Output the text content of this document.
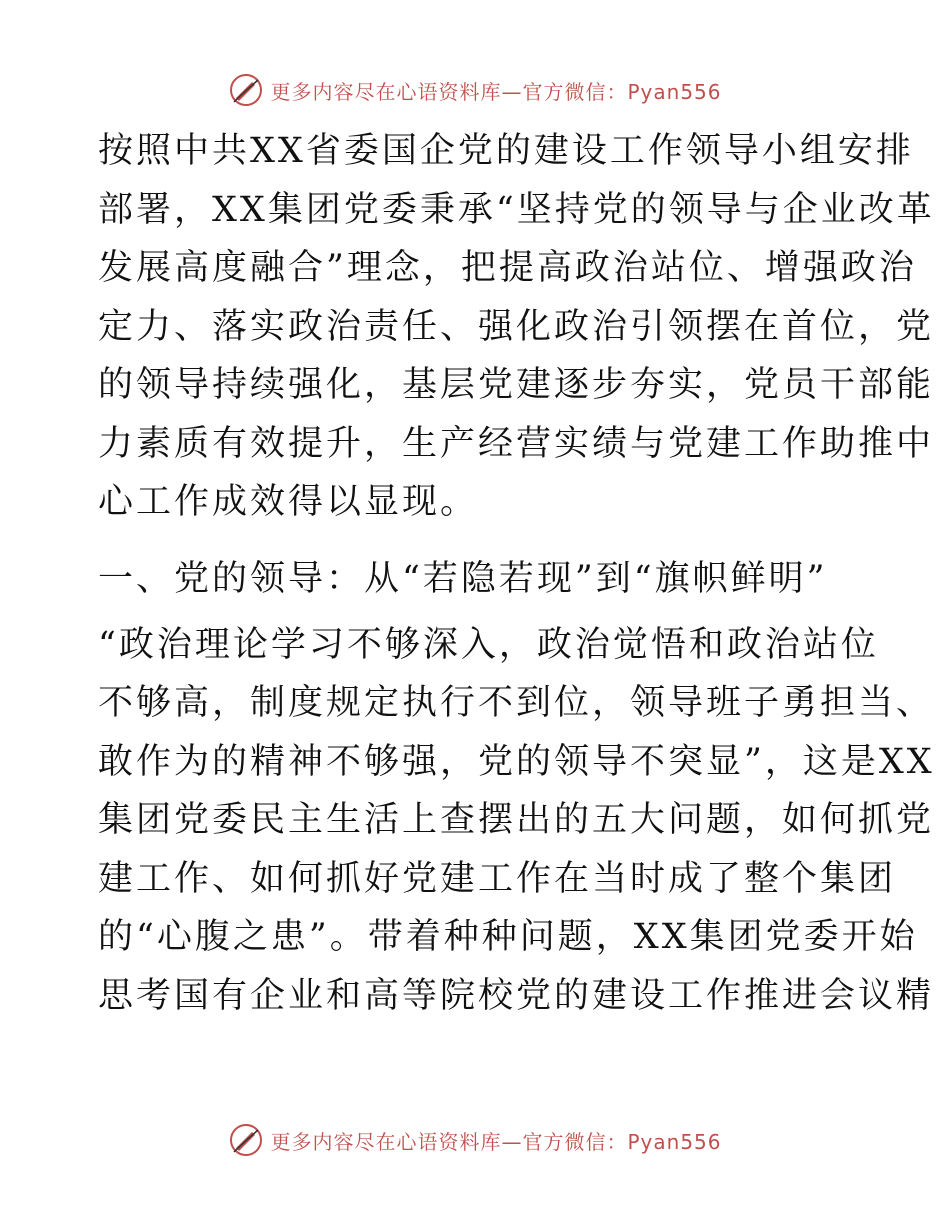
更多内容尽在心语资料库—官方微信：Pyan556

按照中共XX省委国企党的建设工作领导小组安排
部署，XX集团党委秉承“坚持党的领导与企业改革
发展高度融合”理念，把提高政治站位、增强政治
定力、落实政治责任、强化政治引领摆在首位，党
的领导持续强化，基层党建逐步夯实，党员干部能
力素质有效提升，生产经营实绩与党建工作助推中
心工作成效得以显现。

一、党的领导：从“若隐若现”到“旗帜鲜明”

“政治理论学习不够深入，政治觉悟和政治站位
不够高，制度规定执行不到位，领导班子勇担当、
敢作为的精神不够强，党的领导不突显”，这是XX
集团党委民主生活上查摆出的五大问题，如何抓党
建工作、如何抓好党建工作在当时成了整个集团
的“心腹之患”。带着种种问题，XX集团党委开始
思考国有企业和高等院校党的建设工作推进会议精

更多内容尽在心语资料库—官方微信：Pyan556
